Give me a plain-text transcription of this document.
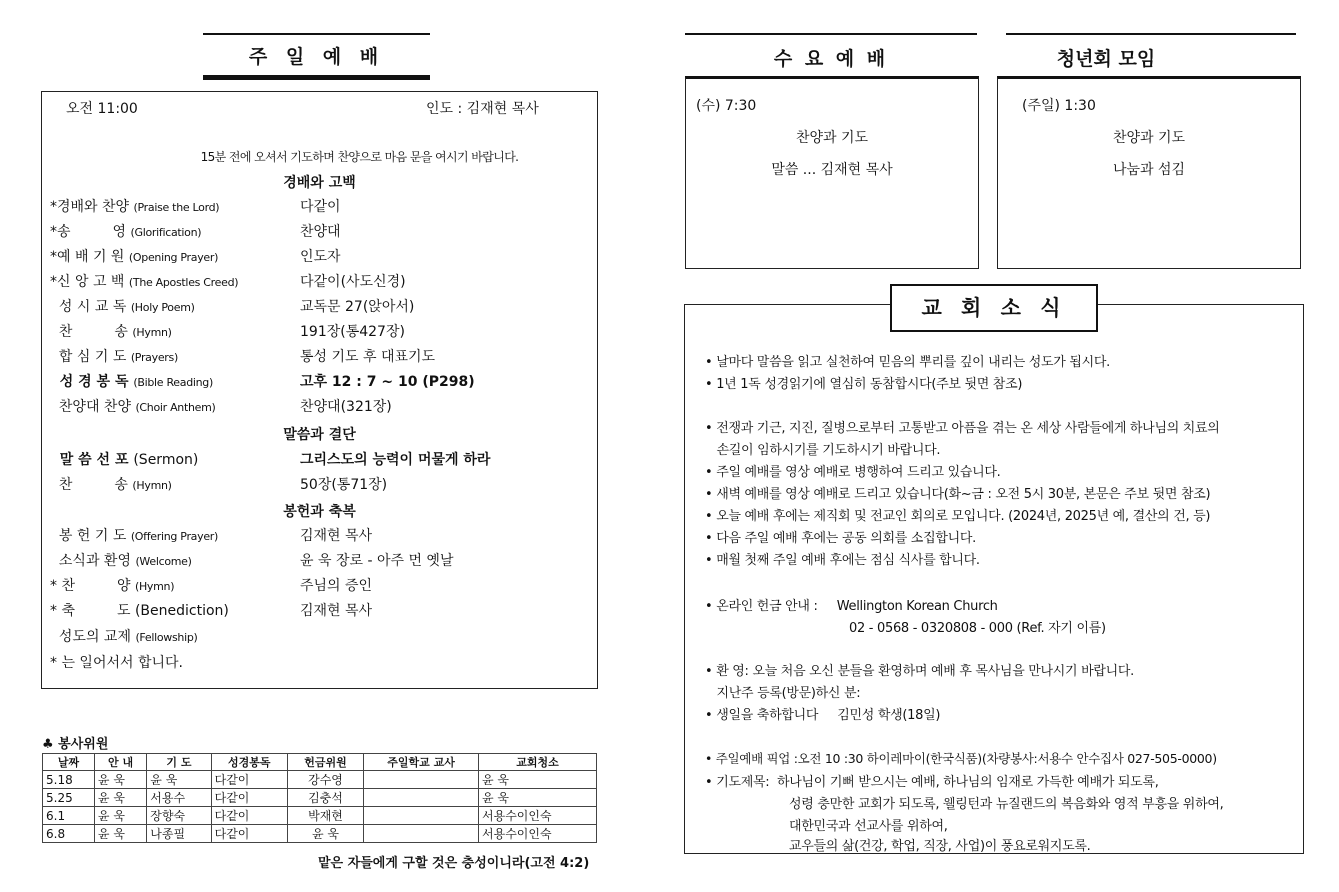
주 일 예 배
오전 11:00	인도 : 김재현 목사
15분 전에 오셔서 기도하며 찬양으로 마음 문을 여시기 바랍니다.
경배와 고백
*경배와 찬양 (Praise the Lord)	다같이
*송　　　영 (Glorification)	찬양대
*예 배 기 원 (Opening Prayer)	인도자
*신 앙 고 백 (The Apostles Creed)	다같이(사도신경)
성 시 교 독 (Holy Poem)	교독문 27(앉아서)
찬　　　송 (Hymn)	191장(통427장)
합 심 기 도 (Prayers)	통성 기도 후 대표기도
성 경 봉 독 (Bible Reading)	고후 12 : 7 ~ 10 (P298)
찬양대 찬양 (Choir Anthem)	찬양대(321장)
말씀과 결단
말 씀 선 포 (Sermon)	그리스도의 능력이 머물게 하라
찬　　　송 (Hymn)	50장(통71장)
봉헌과 축복
봉 헌 기 도 (Offering Prayer)	김재현 목사
소식과 환영 (Welcome)	윤 욱 장로 - 아주 먼 옛날
* 찬　　　양 (Hymn)	주님의 증인
* 축　　　도 (Benediction)	김재현 목사
성도의 교제 (Fellowship)
* 는 일어서서 합니다.
♣ 봉사위원
날짜	안 내	기 도	성경봉독	헌금위원	주일학교 교사	교회청소
5.18	윤 욱	윤 욱	다같이	강수영		윤 욱
5.25	윤 욱	서용수	다같이	김충석		윤 욱
6.1	윤 욱	장향숙	다같이	박재현		서용수이인숙
6.8	윤 욱	나종필	다같이	윤 욱		서용수이인숙
맡은 자들에게 구할 것은 충성이니라(고전 4:2)
수 요 예 배
(수) 7:30
찬양과 기도
말씀 ... 김재현 목사
청년회 모임
(주일) 1:30
찬양과 기도
나눔과 섬김
• 날마다 말씀을 읽고 실천하여 믿음의 뿌리를 깊이 내리는 성도가 됩시다.
• 1년 1독 성경읽기에 열심히 동참합시다(주보 뒷면 참조)
• 전쟁과 기근, 지진, 질병으로부터 고통받고 아픔을 겪는 온 세상 사람들에게 하나님의 치료의
손길이 임하시기를 기도하시기 바랍니다.
• 주일 예배를 영상 예배로 병행하여 드리고 있습니다.
• 새벽 예배를 영상 예배로 드리고 있습니다(화~금 : 오전 5시 30분, 본문은 주보 뒷면 참조)
• 오늘 예배 후에는 제직회 및 전교인 회의로 모입니다. (2024년, 2025년 예, 결산의 건, 등)
• 다음 주일 예배 후에는 공동 의회를 소집합니다.
• 매월 첫째 주일 예배 후에는 점심 식사를 합니다.
• 온라인 헌금 안내 :     Wellington Korean Church
02 - 0568 - 0320808 - 000 (Ref. 자기 이름)
• 환 영: 오늘 처음 오신 분들을 환영하며 예배 후 목사님을 만나시기 바랍니다.
지난주 등록(방문)하신 분:
• 생일을 축하합니다     김민성 학생(18일)
• 주일예배 픽업 :오전 10 :30 하이레마이(한국식품)(차량봉사:서용수 안수집사 027-505-0000)
• 기도제목:  하나님이 기뻐 받으시는 예배, 하나님의 임재로 가득한 예배가 되도록,
성령 충만한 교회가 되도록, 웰링턴과 뉴질랜드의 복음화와 영적 부흥을 위하여,
대한민국과 선교사를 위하여,
교우들의 삶(건강, 학업, 직장, 사업)이 풍요로워지도록.
교 회 소 식
